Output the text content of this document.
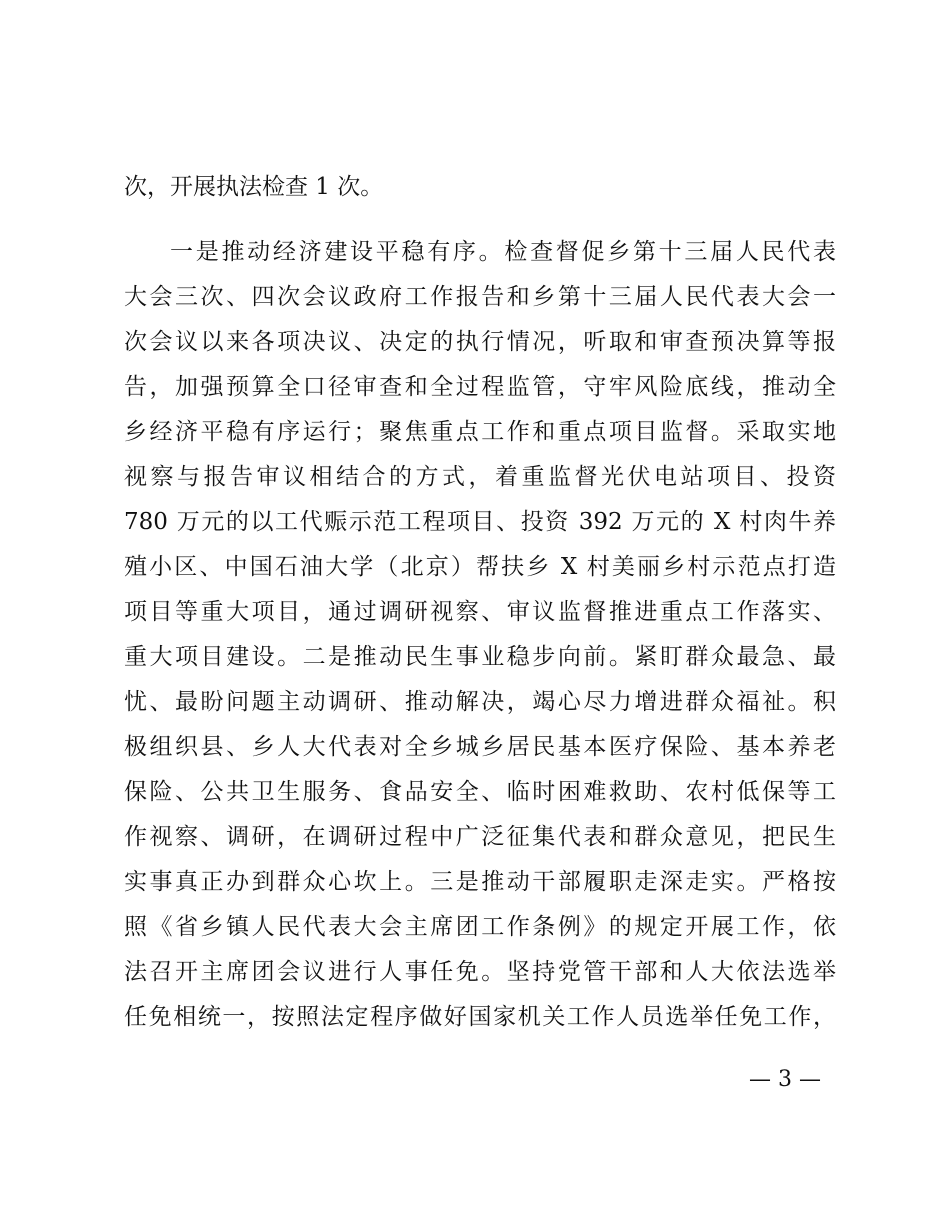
次，开展执法检查 1 次。
一是推动经济建设平稳有序。检查督促乡第十三届人民代表
大会三次、四次会议政府工作报告和乡第十三届人民代表大会一
次会议以来各项决议、决定的执行情况，听取和审查预决算等报
告，加强预算全口径审查和全过程监管，守牢风险底线，推动全
乡经济平稳有序运行；聚焦重点工作和重点项目监督。采取实地
视察与报告审议相结合的方式，着重监督光伏电站项目、投资
780 万元的以工代赈示范工程项目、投资 392 万元的 X 村肉牛养
殖小区、中国石油大学（北京）帮扶乡 X 村美丽乡村示范点打造
项目等重大项目，通过调研视察、审议监督推进重点工作落实、
重大项目建设。二是推动民生事业稳步向前。紧盯群众最急、最
忧、最盼问题主动调研、推动解决，竭心尽力增进群众福祉。积
极组织县、乡人大代表对全乡城乡居民基本医疗保险、基本养老
保险、公共卫生服务、食品安全、临时困难救助、农村低保等工
作视察、调研，在调研过程中广泛征集代表和群众意见，把民生
实事真正办到群众心坎上。三是推动干部履职走深走实。严格按
照《省乡镇人民代表大会主席团工作条例》的规定开展工作，依
法召开主席团会议进行人事任免。坚持党管干部和人大依法选举
任免相统一，按照法定程序做好国家机关工作人员选举任免工作，
— 3 —
